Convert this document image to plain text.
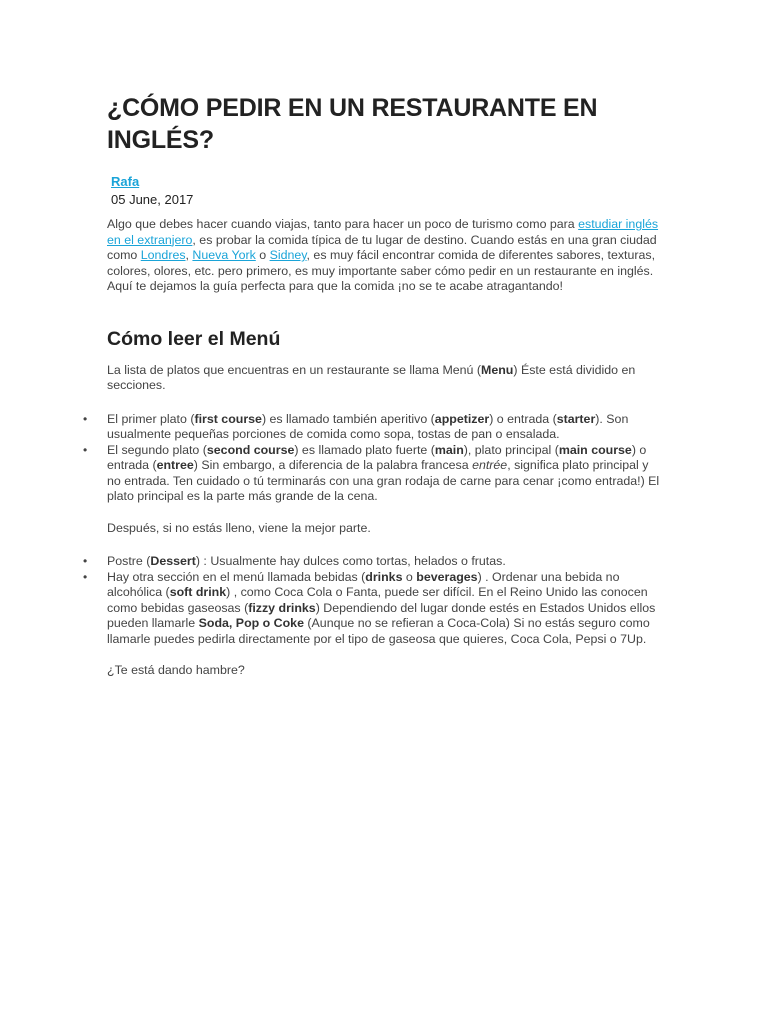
¿CÓMO PEDIR EN UN RESTAURANTE EN INGLÉS?
Rafa
05 June, 2017

Algo que debes hacer cuando viajas, tanto para hacer un poco de turismo como para estudiar inglés en el extranjero, es probar la comida típica de tu lugar de destino. Cuando estás en una gran ciudad como Londres, Nueva York o Sidney, es muy fácil encontrar comida de diferentes sabores, texturas, colores, olores, etc. pero primero, es muy importante saber cómo pedir en un restaurante en inglés. Aquí te dejamos la guía perfecta para que la comida ¡no se te acabe atragantando!

Cómo leer el Menú

La lista de platos que encuentras en un restaurante se llama Menú (Menu) Éste está dividido en secciones.

• El primer plato (first course) es llamado también aperitivo (appetizer) o entrada (starter). Son usualmente pequeñas porciones de comida como sopa, tostas de pan o ensalada.
• El segundo plato (second course) es llamado plato fuerte (main), plato principal (main course) o entrada (entree) Sin embargo, a diferencia de la palabra francesa entrée, significa plato principal y no entrada. Ten cuidado o tú terminarás con una gran rodaja de carne para cenar ¡como entrada!) El plato principal es la parte más grande de la cena.

Después, si no estás lleno, viene la mejor parte.

• Postre (Dessert) : Usualmente hay dulces como tortas, helados o frutas.
• Hay otra sección en el menú llamada bebidas (drinks o beverages) . Ordenar una bebida no alcohólica (soft drink) , como Coca Cola o Fanta, puede ser difícil. En el Reino Unido las conocen como bebidas gaseosas (fizzy drinks) Dependiendo del lugar donde estés en Estados Unidos ellos pueden llamarle Soda, Pop o Coke (Aunque no se refieran a Coca-Cola) Si no estás seguro como llamarle puedes pedirla directamente por el tipo de gaseosa que quieres, Coca Cola, Pepsi o 7Up.

¿Te está dando hambre?
